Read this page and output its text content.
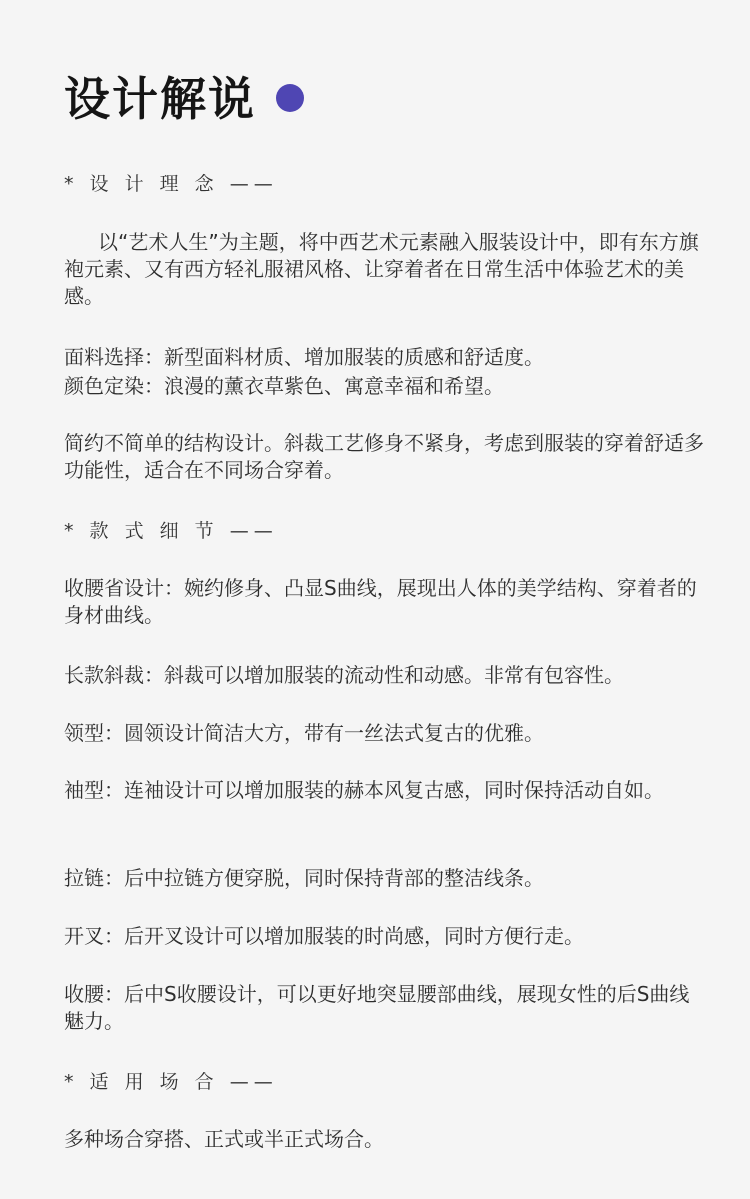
设计解说
* 设 计 理 念 ——
以“艺术人生”为主题，将中西艺术元素融入服装设计中，即有东方旗袍元素、又有西方轻礼服裙风格、让穿着者在日常生活中体验艺术的美感。
面料选择：新型面料材质、增加服装的质感和舒适度。
颜色定染：浪漫的薰衣草紫色、寓意幸福和希望。
简约不简单的结构设计。斜裁工艺修身不紧身，考虑到服装的穿着舒适多功能性，适合在不同场合穿着。
* 款 式 细 节 ——
收腰省设计：婉约修身、凸显S曲线，展现出人体的美学结构、穿着者的身材曲线。
长款斜裁：斜裁可以增加服装的流动性和动感。非常有包容性。
领型：圆领设计简洁大方，带有一丝法式复古的优雅。
袖型：连袖设计可以增加服装的赫本风复古感，同时保持活动自如。
拉链：后中拉链方便穿脱，同时保持背部的整洁线条。
开叉：后开叉设计可以增加服装的时尚感，同时方便行走。
收腰：后中S收腰设计，可以更好地突显腰部曲线，展现女性的后S曲线魅力。
* 适 用 场 合 ——
多种场合穿搭、正式或半正式场合。
